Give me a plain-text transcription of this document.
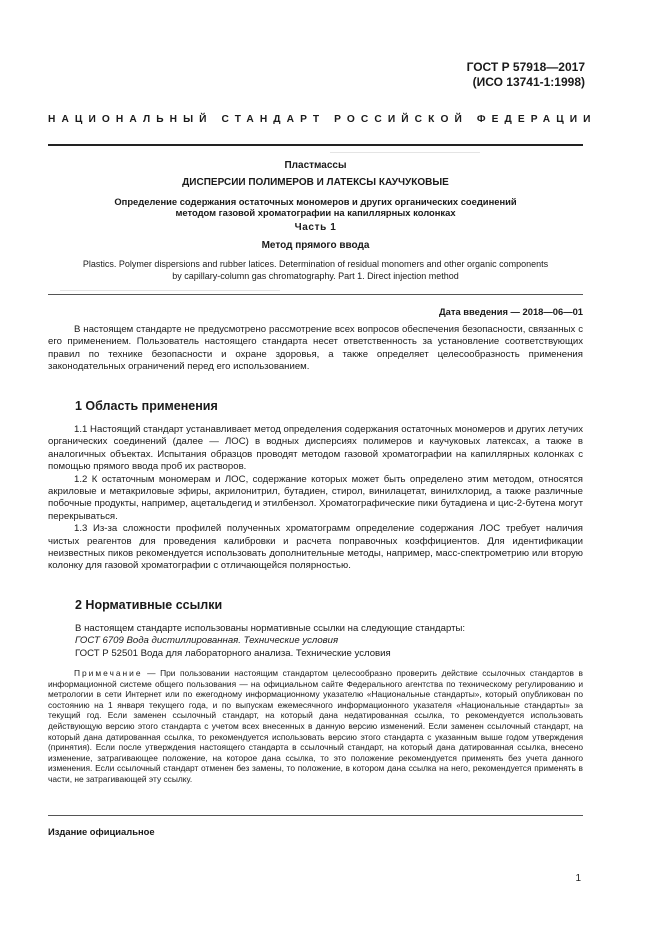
ГОСТ Р 57918—2017
(ИСО 13741-1:1998)
НАЦИОНАЛЬНЫЙ СТАНДАРТ РОССИЙСКОЙ ФЕДЕРАЦИИ
Пластмассы
ДИСПЕРСИИ ПОЛИМЕРОВ И ЛАТЕКСЫ КАУЧУКОВЫЕ
Определение содержания остаточных мономеров и других органических соединений
методом газовой хроматографии на капиллярных колонках
Часть 1
Метод прямого ввода
Plastics. Polymer dispersions and rubber latices. Determination of residual monomers and other organic components
by capillary-column gas chromatography. Part 1. Direct injection method
Дата введения — 2018—06—01

В настоящем стандарте не предусмотрено рассмотрение всех вопросов обеспечения безопасности, связанных с его применением. Пользователь настоящего стандарта несет ответственность за установление соответствующих правил по технике безопасности и охране здоровья, а также определяет целесообразность применения законодательных ограничений перед его использованием.

1 Область применения

1.1 Настоящий стандарт устанавливает метод определения содержания остаточных мономеров и других летучих органических соединений (далее — ЛОС) в водных дисперсиях полимеров и каучуковых латексах, а также в аналогичных объектах. Испытания образцов проводят методом газовой хроматографии на капиллярных колонках с помощью прямого ввода проб их растворов.

1.2 К остаточным мономерам и ЛОС, содержание которых может быть определено этим методом, относятся акриловые и метакриловые эфиры, акрилонитрил, бутадиен, стирол, винилацетат, винилхлорид, а также различные побочные продукты, например, ацетальдегид и этилбензол. Хроматографические пики бутадиена и цис-2-бутена могут перекрываться.

1.3 Из-за сложности профилей полученных хроматограмм определение содержания ЛОС требует наличия чистых реагентов для проведения калибровки и расчета поправочных коэффициентов. Для идентификации неизвестных пиков рекомендуется использовать дополнительные методы, например, масс-спектрометрию или вторую колонку для газовой хроматографии с отличающейся полярностью.

2 Нормативные ссылки
В настоящем стандарте использованы нормативные ссылки на следующие стандарты:
ГОСТ 6709 Вода дистиллированная. Технические условия
ГОСТ Р 52501 Вода для лабораторного анализа. Технические условия

Примечание — При пользовании настоящим стандартом целесообразно проверить действие ссылочных стандартов в информационной системе общего пользования — на официальном сайте Федерального агентства по техническому регулированию и метрологии в сети Интернет или по ежегодному информационному указателю «Национальные стандарты», который опубликован по состоянию на 1 января текущего года, и по выпускам ежемесячного информационного указателя «Национальные стандарты» за текущий год. Если заменен ссылочный стандарт, на который дана недатированная ссылка, то рекомендуется использовать действующую версию этого стандарта с учетом всех внесенных в данную версию изменений. Если заменен ссылочный стандарт, на который дана датированная ссылка, то рекомендуется использовать версию этого стандарта с указанным выше годом утверждения (принятия). Если после утверждения настоящего стандарта в ссылочный стандарт, на который дана датированная ссылка, внесено изменение, затрагивающее положение, на которое дана ссылка, то это положение рекомендуется применять без учета данного изменения. Если ссылочный стандарт отменен без замены, то положение, в котором дана ссылка на него, рекомендуется применять в части, не затрагивающей эту ссылку.

Издание официальное
1
